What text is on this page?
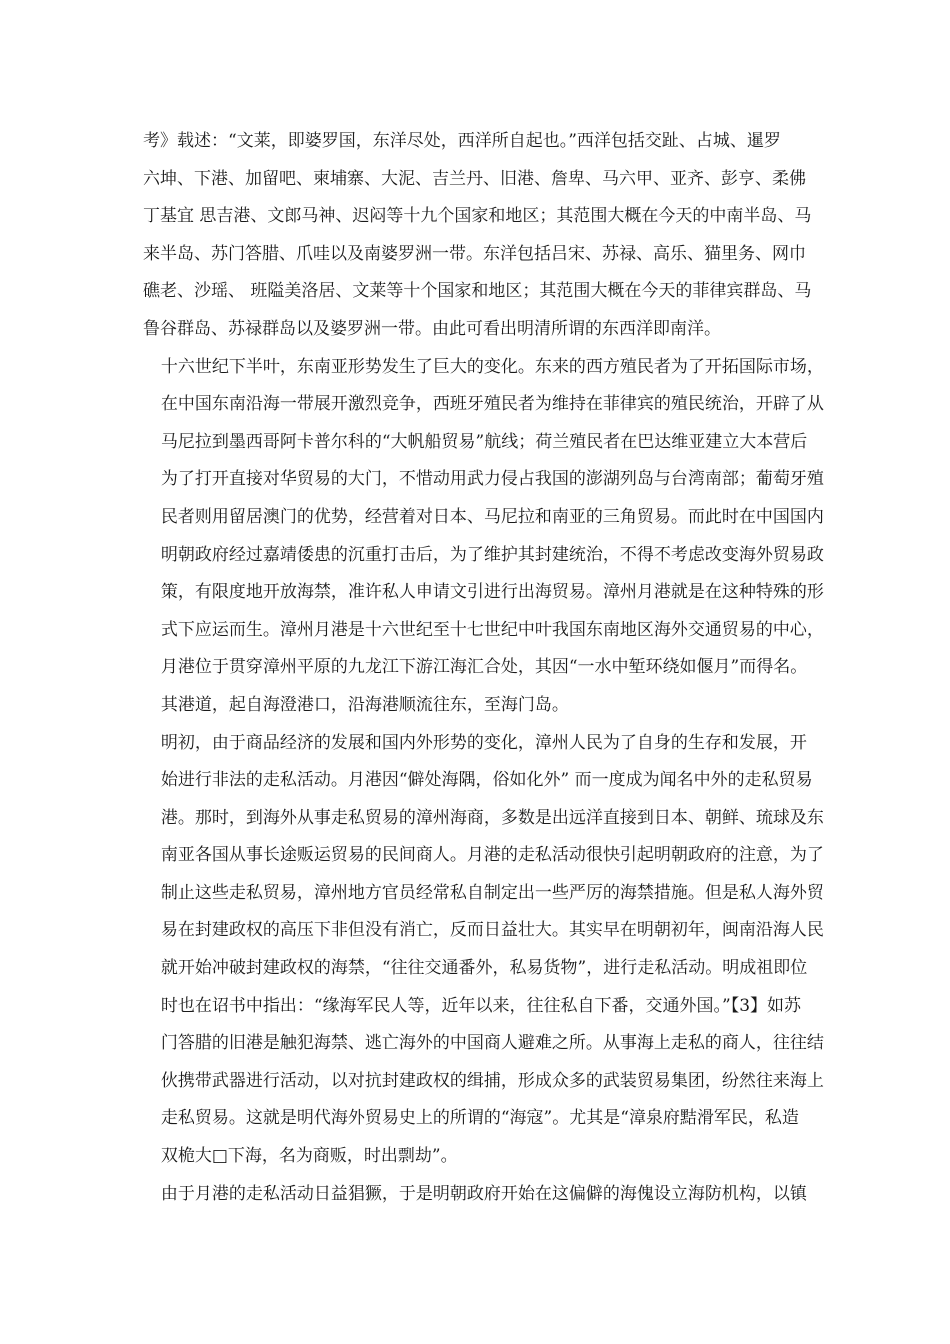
考》载述：“文莱，即婆罗国，东洋尽处，西洋所自起也。”西洋包括交趾、占城、暹罗
六坤、下港、加留吧、柬埔寨、大泥、吉兰丹、旧港、詹卑、马六甲、亚齐、彭亨、柔佛
丁基宜 思吉港、文郎马神、迟闷等十九个国家和地区；其范围大概在今天的中南半岛、马
来半岛、苏门答腊、爪哇以及南婆罗洲一带。东洋包括吕宋、苏禄、高乐、猫里务、网巾
礁老、沙瑶、 班隘美洛居、文莱等十个国家和地区；其范围大概在今天的菲律宾群岛、马
鲁谷群岛、苏禄群岛以及婆罗洲一带。由此可看出明清所谓的东西洋即南洋。

十六世纪下半叶，东南亚形势发生了巨大的变化。东来的西方殖民者为了开拓国际市场，
在中国东南沿海一带展开激烈竞争，西班牙殖民者为维持在菲律宾的殖民统治，开辟了从
马尼拉到墨西哥阿卡普尔科的“大帆船贸易”航线；荷兰殖民者在巴达维亚建立大本营后
为了打开直接对华贸易的大门，不惜动用武力侵占我国的澎湖列岛与台湾南部；葡萄牙殖
民者则用留居澳门的优势，经营着对日本、马尼拉和南亚的三角贸易。而此时在中国国内
明朝政府经过嘉靖倭患的沉重打击后，为了维护其封建统治，不得不考虑改变海外贸易政
策，有限度地开放海禁，准许私人申请文引进行出海贸易。漳州月港就是在这种特殊的形
式下应运而生。漳州月港是十六世纪至十七世纪中叶我国东南地区海外交通贸易的中心，
月港位于贯穿漳州平原的九龙江下游江海汇合处，其因“一水中堑环绕如偃月”而得名。
其港道，起自海澄港口，沿海港顺流往东，至海门岛。

明初，由于商品经济的发展和国内外形势的变化，漳州人民为了自身的生存和发展，开
始进行非法的走私活动。月港因“僻处海隅，俗如化外” 而一度成为闻名中外的走私贸易
港。那时，到海外从事走私贸易的漳州海商，多数是出远洋直接到日本、朝鲜、琉球及东
南亚各国从事长途贩运贸易的民间商人。月港的走私活动很快引起明朝政府的注意，为了
制止这些走私贸易，漳州地方官员经常私自制定出一些严厉的海禁措施。但是私人海外贸
易在封建政权的高压下非但没有消亡，反而日益壮大。其实早在明朝初年，闽南沿海人民
就开始冲破封建政权的海禁，“往往交通番外，私易货物”，进行走私活动。明成祖即位
时也在诏书中指出：“缘海军民人等，近年以来，往往私自下番，交通外国。”【3】如苏
门答腊的旧港是触犯海禁、逃亡海外的中国商人避难之所。从事海上走私的商人，往往结
伙携带武器进行活动，以对抗封建政权的缉捕，形成众多的武装贸易集团，纷然往来海上
走私贸易。这就是明代海外贸易史上的所谓的“海寇”。尤其是“漳泉府黠滑军民，私造
双桅大□下海，名为商贩，时出剽劫”。

由于月港的走私活动日益猖獗，于是明朝政府开始在这偏僻的海傀设立海防机构，以镇
